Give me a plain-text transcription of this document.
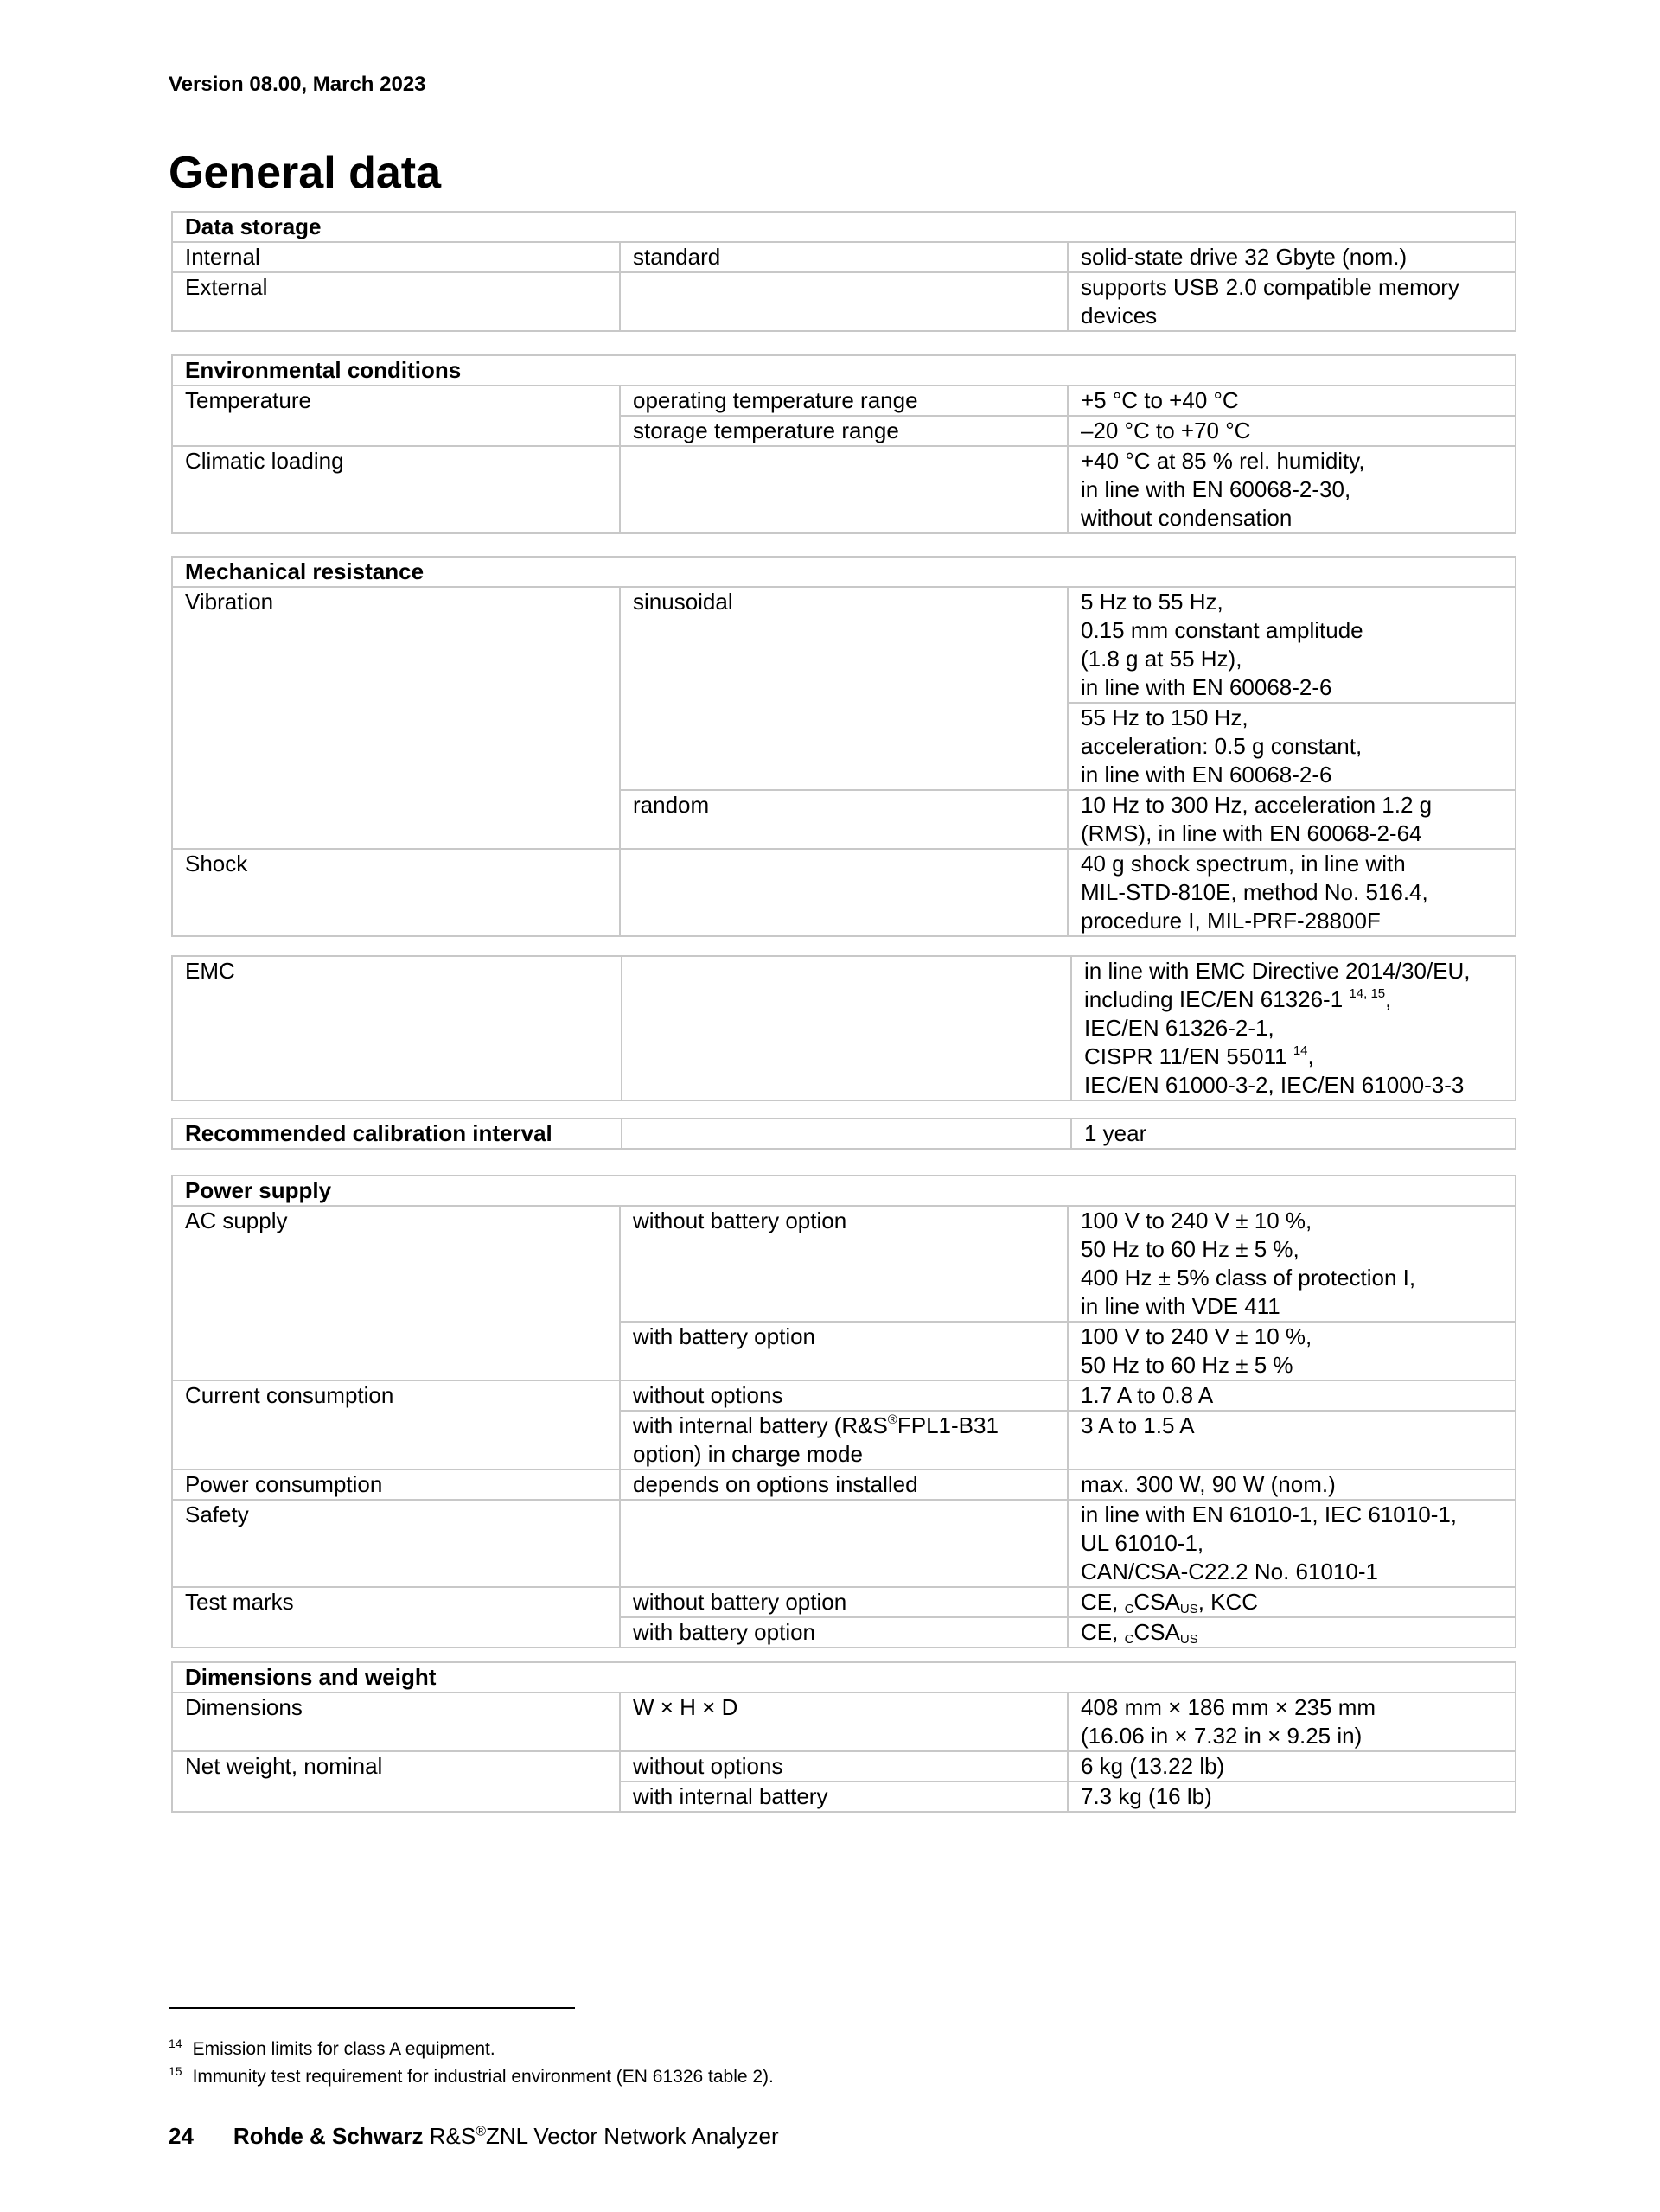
Version 08.00, March 2023
General data
Data storage		
Internal	standard	solid-state drive 32 Gbyte (nom.)
External		supports USB 2.0 compatible memory
devices
Environmental conditions		
Temperature	operating temperature range	+5 °C to +40 °C
	storage temperature range	–20 °C to +70 °C
Climatic loading		+40 °C at 85 % rel. humidity,
in line with EN 60068-2-30,
without condensation
Mechanical resistance		
Vibration	sinusoidal	5 Hz to 55 Hz,
0.15 mm constant amplitude
(1.8 g at 55 Hz),
in line with EN 60068-2-6

		55 Hz to 150 Hz,
acceleration: 0.5 g constant,
in line with EN 60068-2-6

	random	10 Hz to 300 Hz, acceleration 1.2 g
(RMS), in line with EN 60068-2-64

Shock		40 g shock spectrum, in line with
MIL-STD-810E, method No. 516.4,
procedure I, MIL-PRF-28800F
EMC		in line with EMC Directive 2014/30/EU,
including IEC/EN 61326-1 $^{14, 15}$,
IEC/EN 61326-2-1,
CISPR 11/EN 55011 $^{14}$,
IEC/EN 61000-3-2, IEC/EN 61000-3-3
Recommended calibration interval		1 year
Power supply		
AC supply	without battery option	100 V to 240 V ± 10 %,
50 Hz to 60 Hz ± 5 %,
400 Hz ± 5% class of protection I,
in line with VDE 411

	with battery option	100 V to 240 V ± 10 %,
50 Hz to 60 Hz ± 5 %

Current consumption	without options	1.7 A to 0.8 A

	with internal battery (R&S®FPL1-B31
option) in charge mode	3 A to 1.5 A
Power consumption	depends on options installed	max. 300 W, 90 W (nom.)
Safety		in line with EN 61010-1, IEC 61010-1,
UL 61010-1,
CAN/CSA-C22.2 No. 61010-1

Test marks	without battery option	CE, $_CCSA_{US}$, KCC
	with battery option	CE, $_CCSA_{US}$
Dimensions and weight		
Dimensions	W × H × D	408 mm × 186 mm × 235 mm
(16.06 in × 7.32 in × 9.25 in)

Net weight, nominal	without options	6 kg (13.22 lb)
	with internal battery	7.3 kg (16 lb)
$^{14}$ Emission limits for class A equipment.
$^{15}$ Immunity test requirement for industrial environment (EN 61326 table 2).
24 Rohde & Schwarz R&S®ZNL Vector Network Analyzer
